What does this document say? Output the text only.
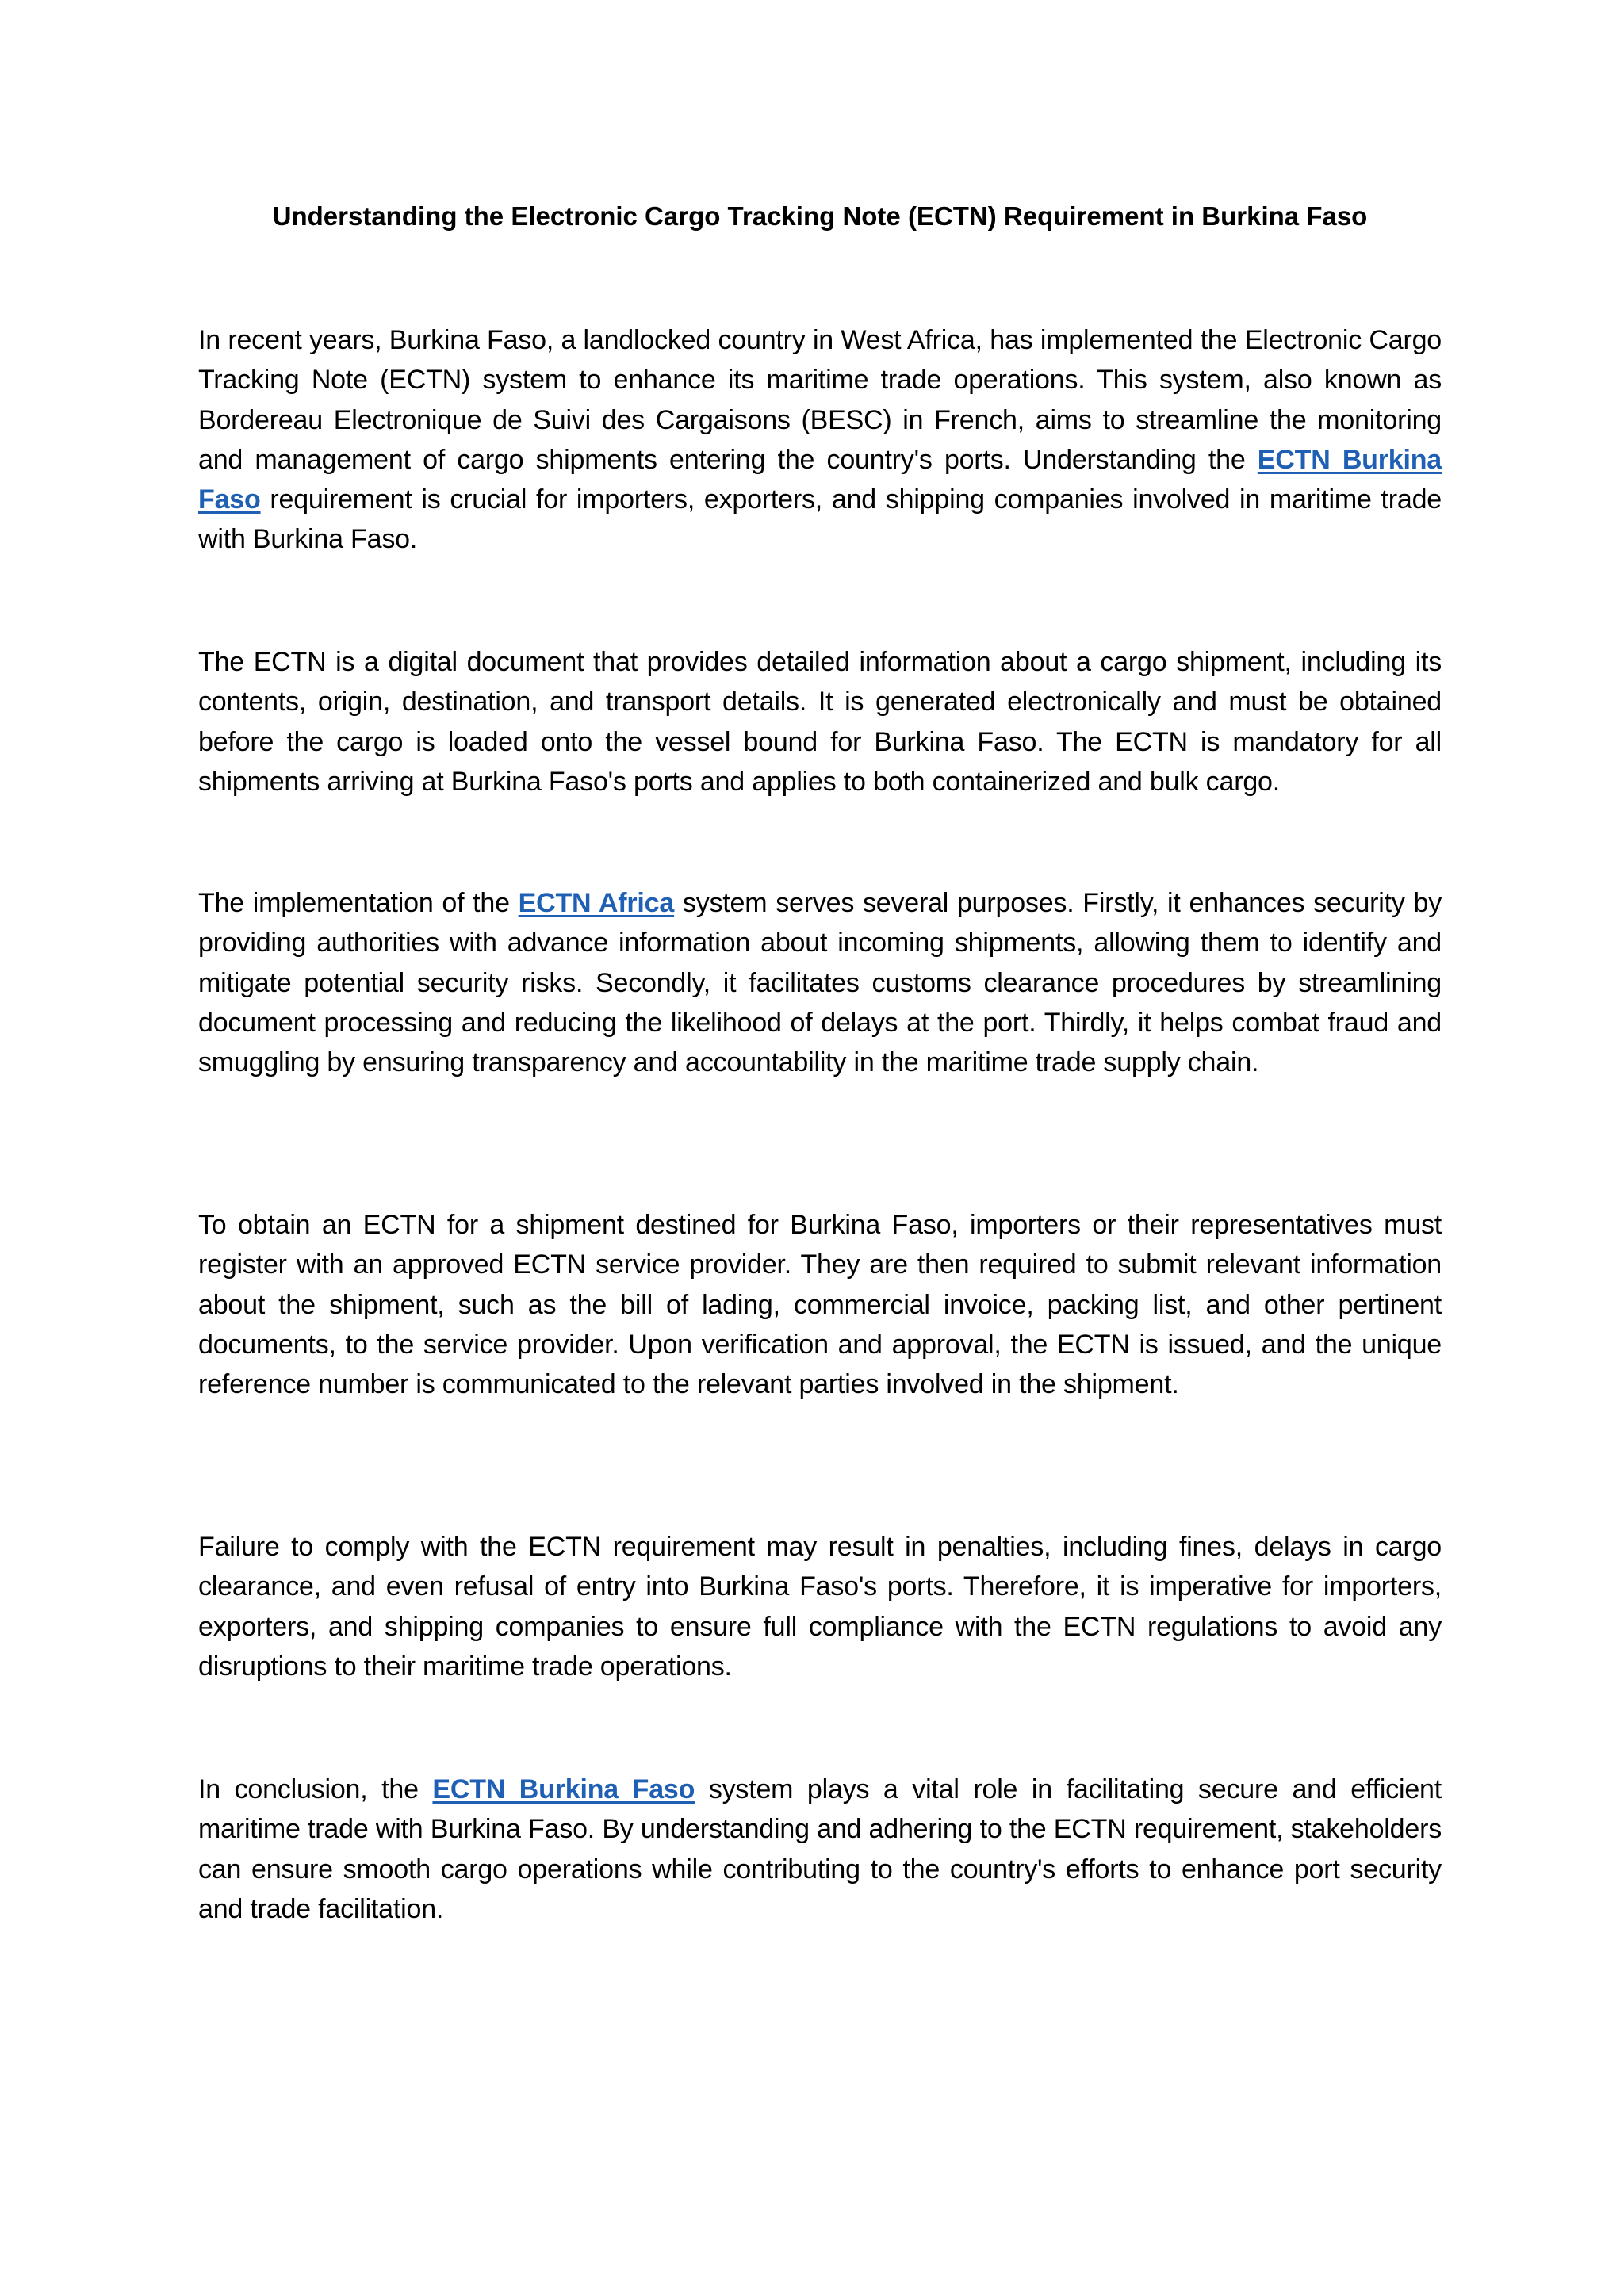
Understanding the Electronic Cargo Tracking Note (ECTN) Requirement in Burkina Faso

In recent years, Burkina Faso, a landlocked country in West Africa, has implemented the Electronic Cargo Tracking Note (ECTN) system to enhance its maritime trade operations. This system, also known as Bordereau Electronique de Suivi des Cargaisons (BESC) in French, aims to streamline the monitoring and management of cargo shipments entering the country's ports. Understanding the ECTN Burkina Faso requirement is crucial for importers, exporters, and shipping companies involved in maritime trade with Burkina Faso.

The ECTN is a digital document that provides detailed information about a cargo shipment, including its contents, origin, destination, and transport details. It is generated electronically and must be obtained before the cargo is loaded onto the vessel bound for Burkina Faso. The ECTN is mandatory for all shipments arriving at Burkina Faso's ports and applies to both containerized and bulk cargo.

The implementation of the ECTN Africa system serves several purposes. Firstly, it enhances security by providing authorities with advance information about incoming shipments, allowing them to identify and mitigate potential security risks. Secondly, it facilitates customs clearance procedures by streamlining document processing and reducing the likelihood of delays at the port. Thirdly, it helps combat fraud and smuggling by ensuring transparency and accountability in the maritime trade supply chain.

To obtain an ECTN for a shipment destined for Burkina Faso, importers or their representatives must register with an approved ECTN service provider. They are then required to submit relevant information about the shipment, such as the bill of lading, commercial invoice, packing list, and other pertinent documents, to the service provider. Upon verification and approval, the ECTN is issued, and the unique reference number is communicated to the relevant parties involved in the shipment.

Failure to comply with the ECTN requirement may result in penalties, including fines, delays in cargo clearance, and even refusal of entry into Burkina Faso's ports. Therefore, it is imperative for importers, exporters, and shipping companies to ensure full compliance with the ECTN regulations to avoid any disruptions to their maritime trade operations.

In conclusion, the ECTN Burkina Faso system plays a vital role in facilitating secure and efficient maritime trade with Burkina Faso. By understanding and adhering to the ECTN requirement, stakeholders can ensure smooth cargo operations while contributing to the country's efforts to enhance port security and trade facilitation.
